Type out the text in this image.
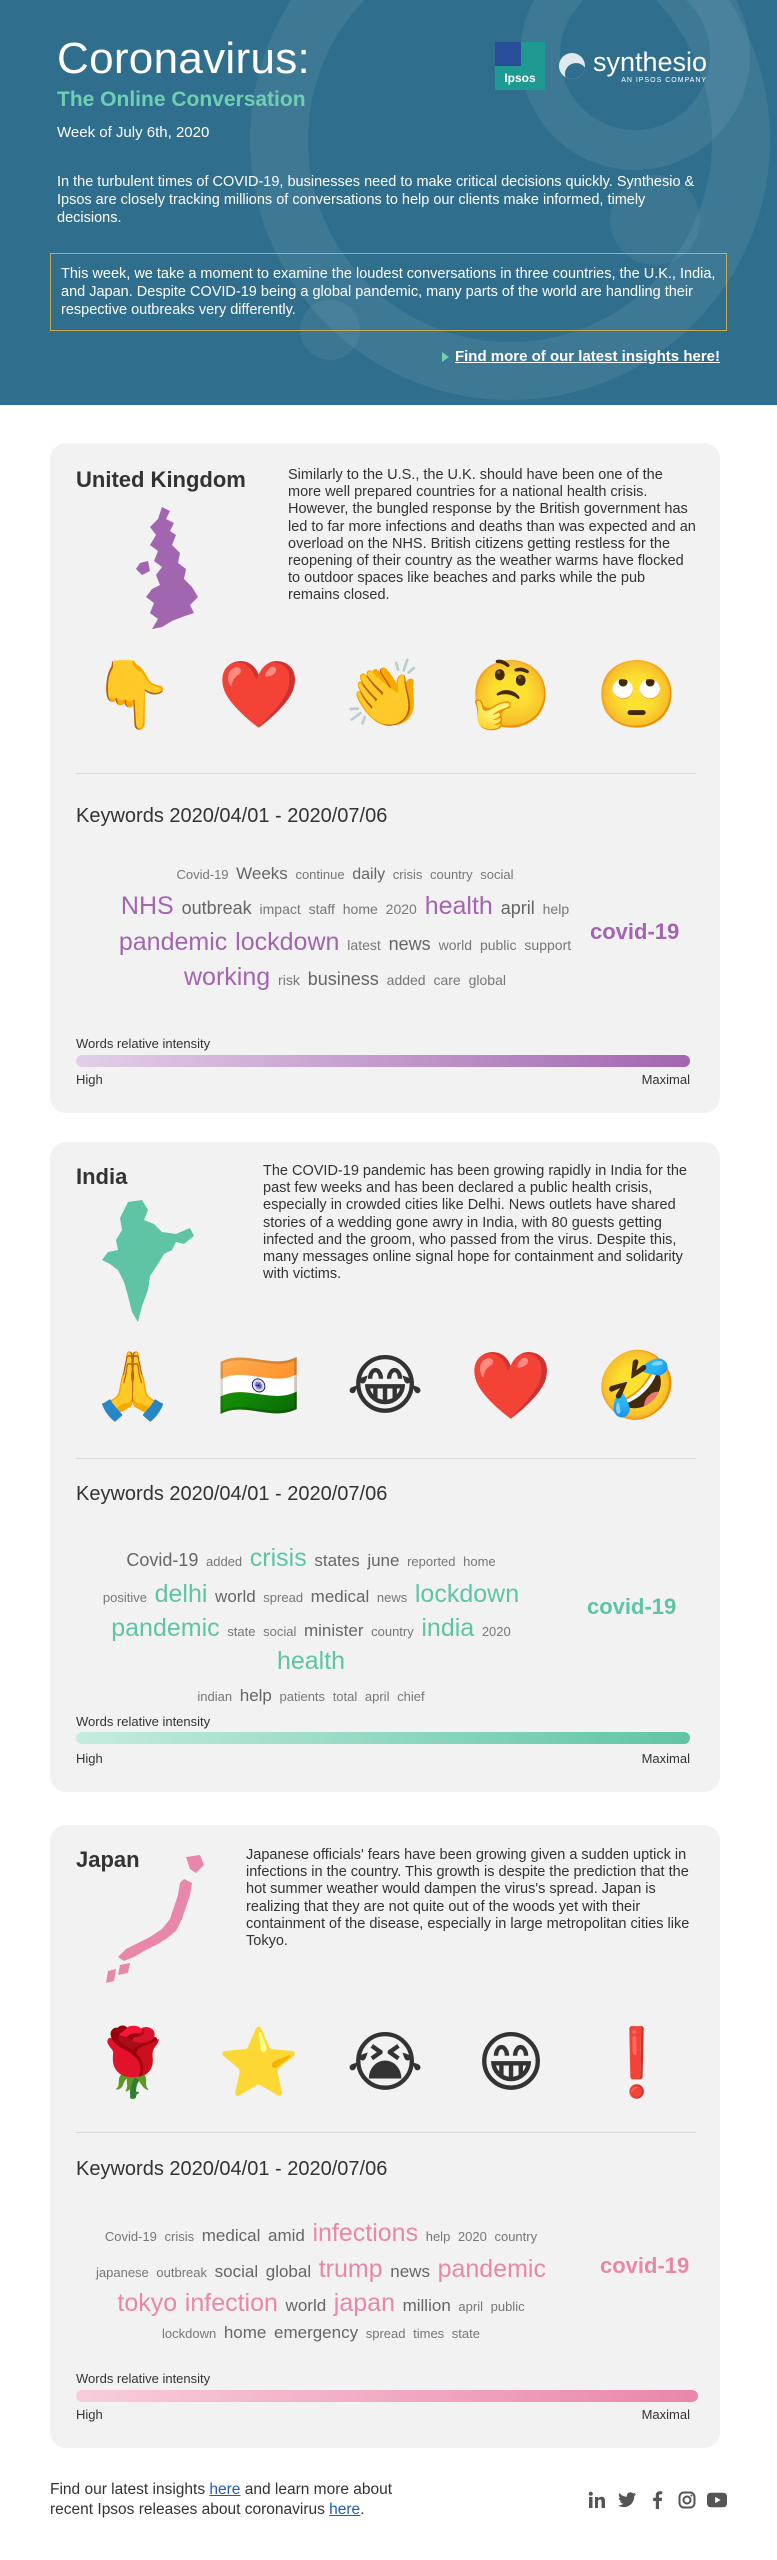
Coronavirus:
The Online Conversation
Week of July 6th, 2020
In the turbulent times of COVID-19, businesses need to make critical decisions quickly. Synthesio & Ipsos are closely tracking millions of conversations to help our clients make informed, timely decisions.
This week, we take a moment to examine the loudest conversations in three countries, the U.K., India, and Japan. Despite COVID-19 being a global pandemic, many parts of the world are handling their respective outbreaks very differently.
Find more of our latest insights here!
Ipsos
synthesio
AN IPSOS COMPANY
United Kingdom	Similarly to the U.S., the U.K. should have been one of the more well prepared countries for a national health crisis. However, the bungled response by the British government has led to far more infections and deaths than was expected and an overload on the NHS. British citizens getting restless for the reopening of their country as the weather warms have flocked to outdoor spaces like beaches and parks while the pub remains closed.
👇 ❤️ 👏 🤔 🙄
Keywords 2020/04/01 - 2020/07/06
Covid-19 Weeks continue daily crisis country social
NHS outbreak impact staff home 2020 health april help
pandemic lockdown latest news world public support
working risk business added care global
covid-19
Words relative intensity
High	Maximal
India	The COVID-19 pandemic has been growing rapidly in India for the past few weeks and has been declared a public health crisis, especially in crowded cities like Delhi. News outlets have shared stories of a wedding gone awry in India, with 80 guests getting infected and the groom, who passed from the virus. Despite this, many messages online signal hope for containment and solidarity with victims.
🙏 🇮🇳 😂 ❤️ 🤣
Keywords 2020/04/01 - 2020/07/06
Covid-19 added crisis states june reported home
positive delhi world spread medical news lockdown
pandemic state social minister country india 2020 health
indian help patients total april chief
covid-19
Words relative intensity
High	Maximal
Japan	Japanese officials' fears have been growing given a sudden uptick in infections in the country. This growth is despite the prediction that the hot summer weather would dampen the virus's spread. Japan is realizing that they are not quite out of the woods yet with their containment of the disease, especially in large metropolitan cities like Tokyo.
🌹 ⭐ 😭 😁 ❗
Keywords 2020/04/01 - 2020/07/06
Covid-19 crisis medical amid infections help 2020 country
japanese outbreak social global trump news pandemic
tokyo infection world japan million april public
lockdown home emergency spread times state
covid-19
Words relative intensity
High	Maximal
Find our latest insights here and learn more about
recent Ipsos releases about coronavirus here.
